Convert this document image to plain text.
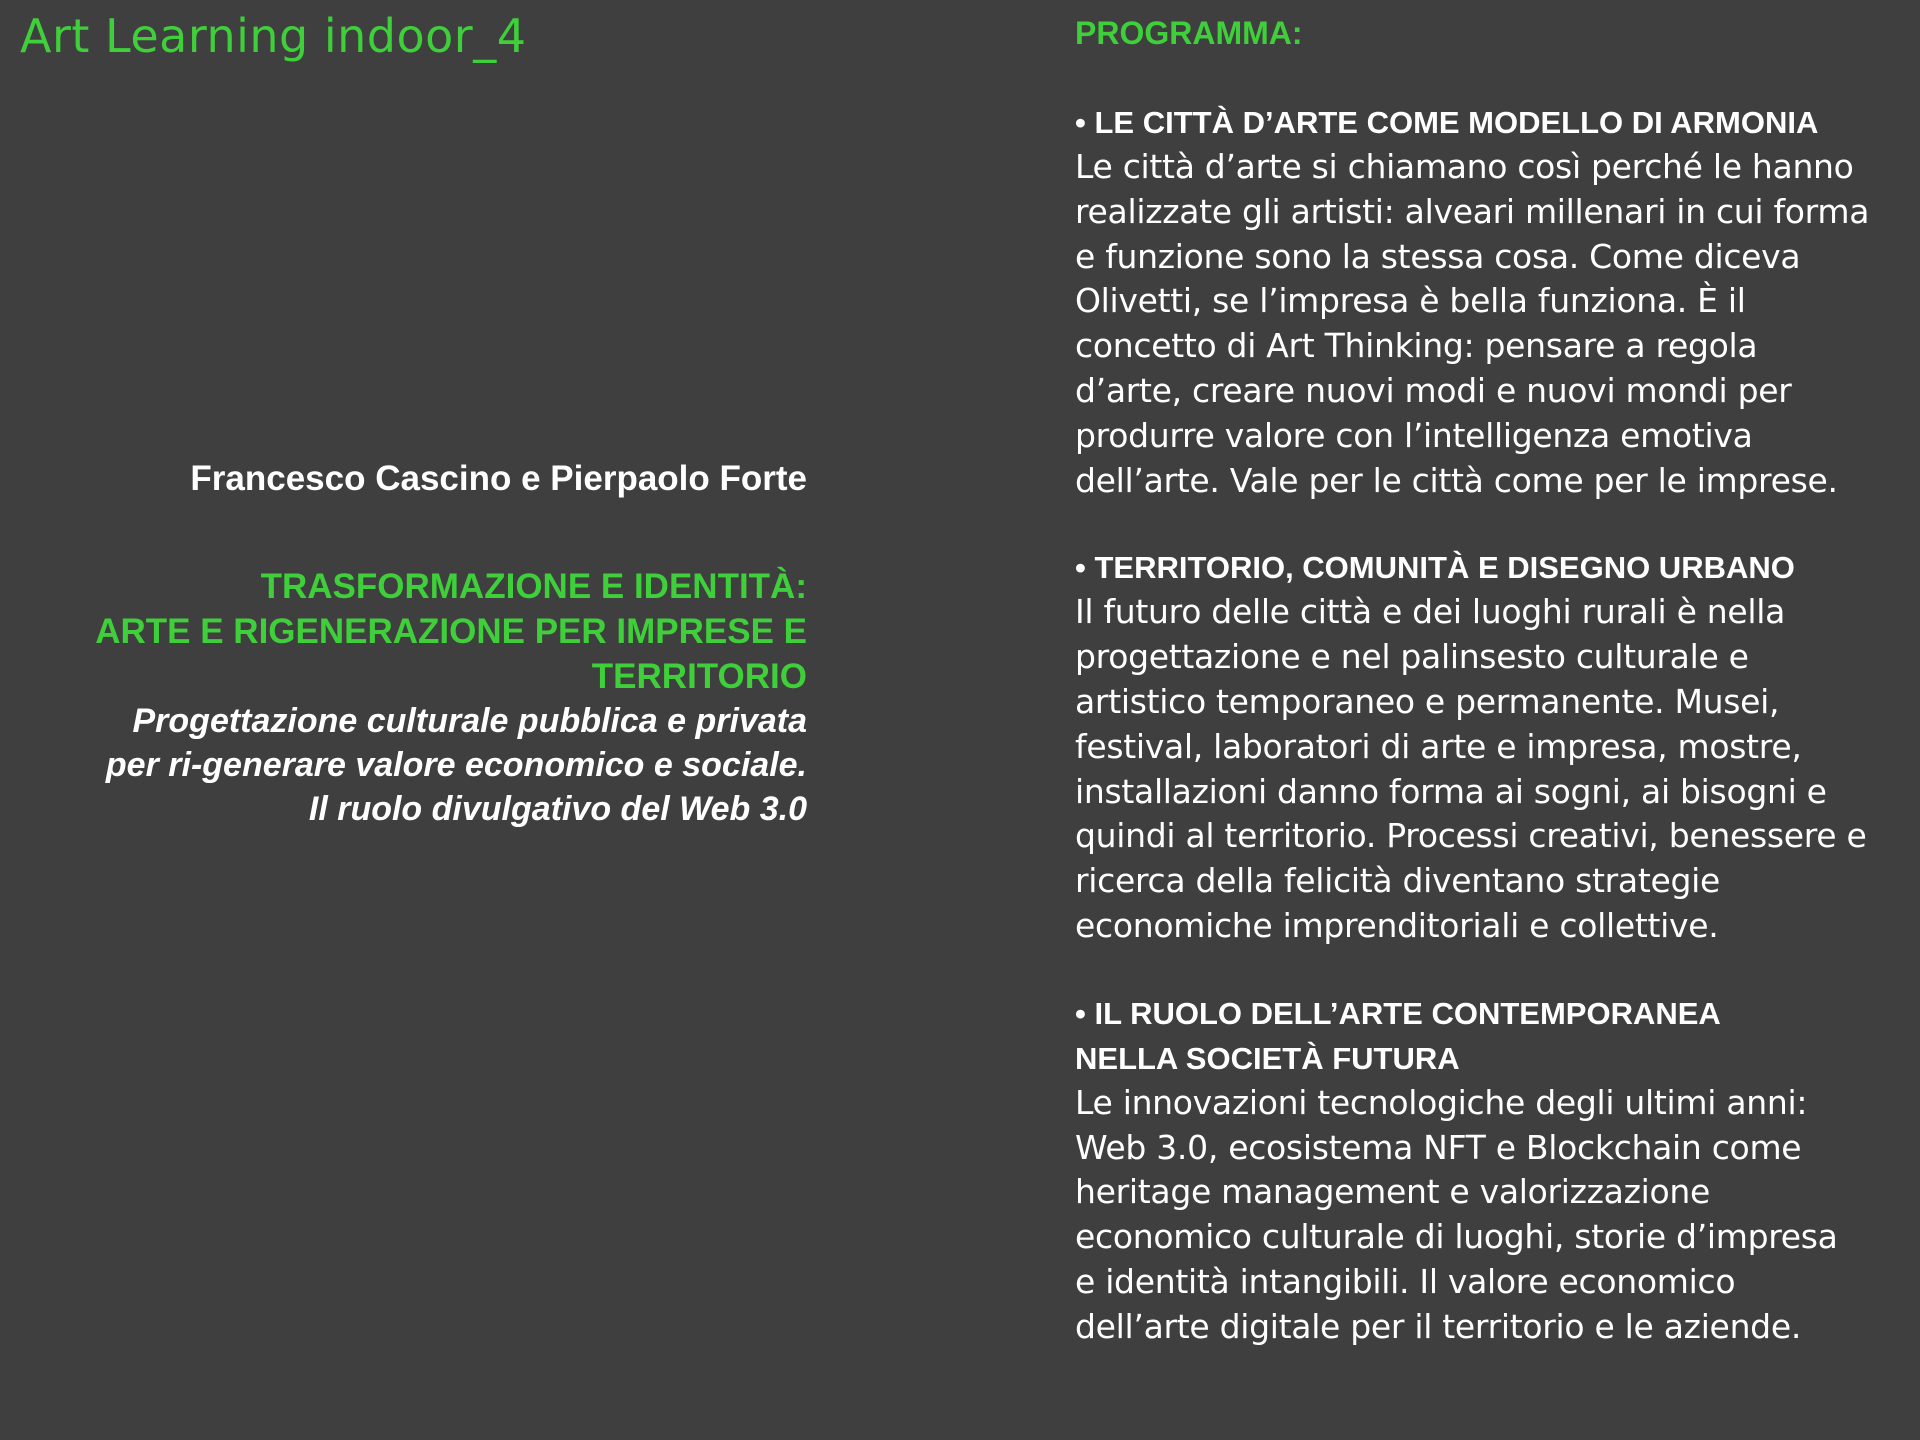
Art Learning indoor_4

Francesco Cascino e Pierpaolo Forte

TRASFORMAZIONE E IDENTITÀ:
ARTE E RIGENERAZIONE PER IMPRESE E
TERRITORIO

Progettazione culturale pubblica e privata
per ri-generare valore economico e sociale.
Il ruolo divulgativo del Web 3.0

PROGRAMMA:

• LE CITTÀ D’ARTE COME MODELLO DI ARMONIA

Le città d’arte si chiamano così perché le hanno
realizzate gli artisti: alveari millenari in cui forma
e funzione sono la stessa cosa. Come diceva
Olivetti, se l’impresa è bella funziona. È il
concetto di Art Thinking: pensare a regola
d’arte, creare nuovi modi e nuovi mondi per
produrre valore con l’intelligenza emotiva
dell’arte. Vale per le città come per le imprese.

• TERRITORIO, COMUNITÀ E DISEGNO URBANO

Il futuro delle città e dei luoghi rurali è nella
progettazione e nel palinsesto culturale e
artistico temporaneo e permanente. Musei,
festival, laboratori di arte e impresa, mostre,
installazioni danno forma ai sogni, ai bisogni e
quindi al territorio. Processi creativi, benessere e
ricerca della felicità diventano strategie
economiche imprenditoriali e collettive.

• IL RUOLO DELL’ARTE CONTEMPORANEA
NELLA SOCIETÀ FUTURA

Le innovazioni tecnologiche degli ultimi anni:
Web 3.0, ecosistema NFT e Blockchain come
heritage management e valorizzazione
economico culturale di luoghi, storie d’impresa
e identità intangibili. Il valore economico
dell’arte digitale per il territorio e le aziende.
